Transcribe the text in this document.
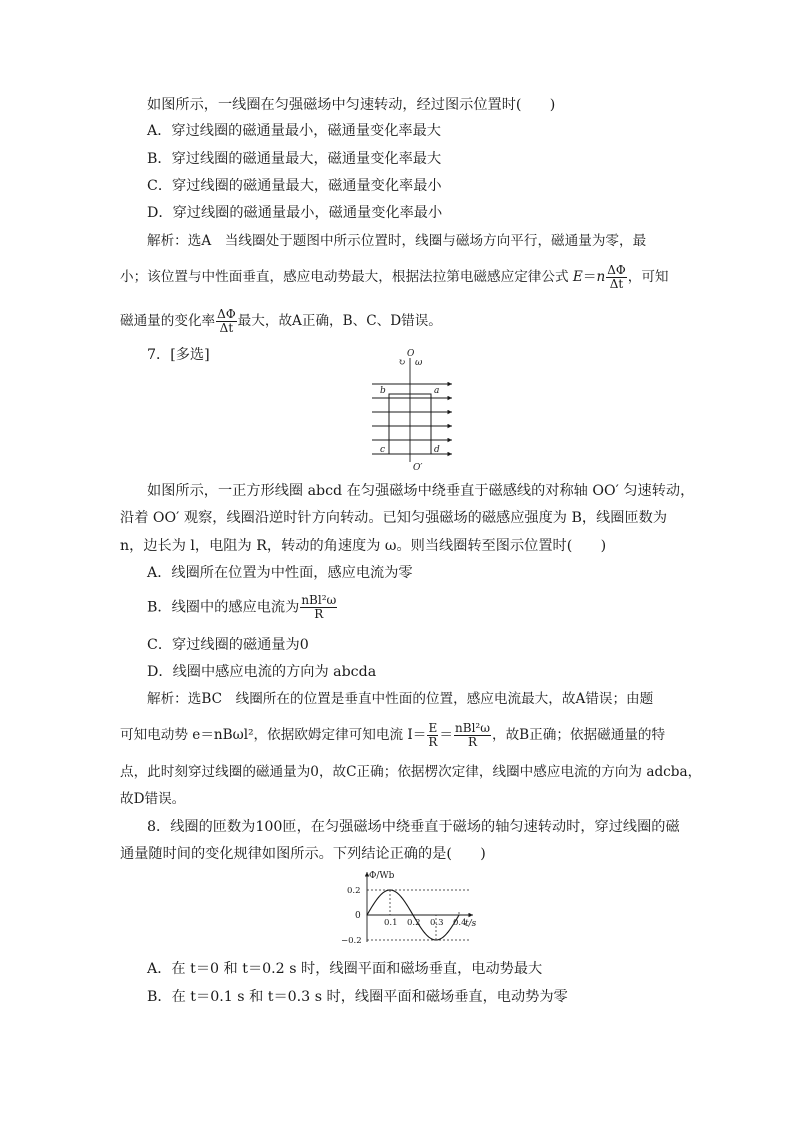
如图所示，一线圈在匀强磁场中匀速转动，经过图示位置时(　　)
A．穿过线圈的磁通量最小，磁通量变化率最大
B．穿过线圈的磁通量最大，磁通量变化率最大
C．穿过线圈的磁通量最大，磁通量变化率最小
D．穿过线圈的磁通量最小，磁通量变化率最小
解析：选A　当线圈处于题图中所示位置时，线圈与磁场方向平行，磁通量为零，最
小；该位置与中性面垂直，感应电动势最大，根据法拉第电磁感应定律公式 $E=n \frac{\Delta\Phi}{\Delta t}$ ，可知
磁通量的变化率 $\frac{\Delta\Phi}{\Delta t}$ 最大，故A正确，B、C、D错误。
7．[多选]	O
↻ ω
b	a
c	d
O′
如图所示，一正方形线圈 abcd 在匀强磁场中绕垂直于磁感线的对称轴 OO′ 匀速转动，
沿着 OO′ 观察，线圈沿逆时针方向转动。已知匀强磁场的磁感应强度为 B，线圈匝数为
n，边长为 l，电阻为 R，转动的角速度为 ω。则当线圈转至图示位置时(　　)
A．线圈所在位置为中性面，感应电流为零
B．线圈中的感应电流为 $\frac{\text{nBl²ω}}{R}$
C．穿过线圈的磁通量为0
D．线圈中感应电流的方向为 abcda
解析：选BC　线圈所在的位置是垂直中性面的位置，感应电流最大，故A错误；由题
可知电动势 e＝nBωl²，依据欧姆定律可知电流 $I= \frac{E}{R} = \frac{\text{nBl²ω}}{R}$ ，故B正确；依据磁通量的特
点，此时刻穿过线圈的磁通量为0，故C正确；依据楞次定律，线圈中感应电流的方向为 adcba，
故D错误。
8．线圈的匝数为100匝，在匀强磁场中绕垂直于磁场的轴匀速转动时，穿过线圈的磁
通量随时间的变化规律如图所示。下列结论正确的是(　　)
Φ/Wb
t/s
0
0.1 0.2 0.3 0.4
0.2
−0.2
A．在 t＝0 和 t＝0.2 s 时，线圈平面和磁场垂直，电动势最大
B．在 t＝0.1 s 和 t＝0.3 s 时，线圈平面和磁场垂直，电动势为零
